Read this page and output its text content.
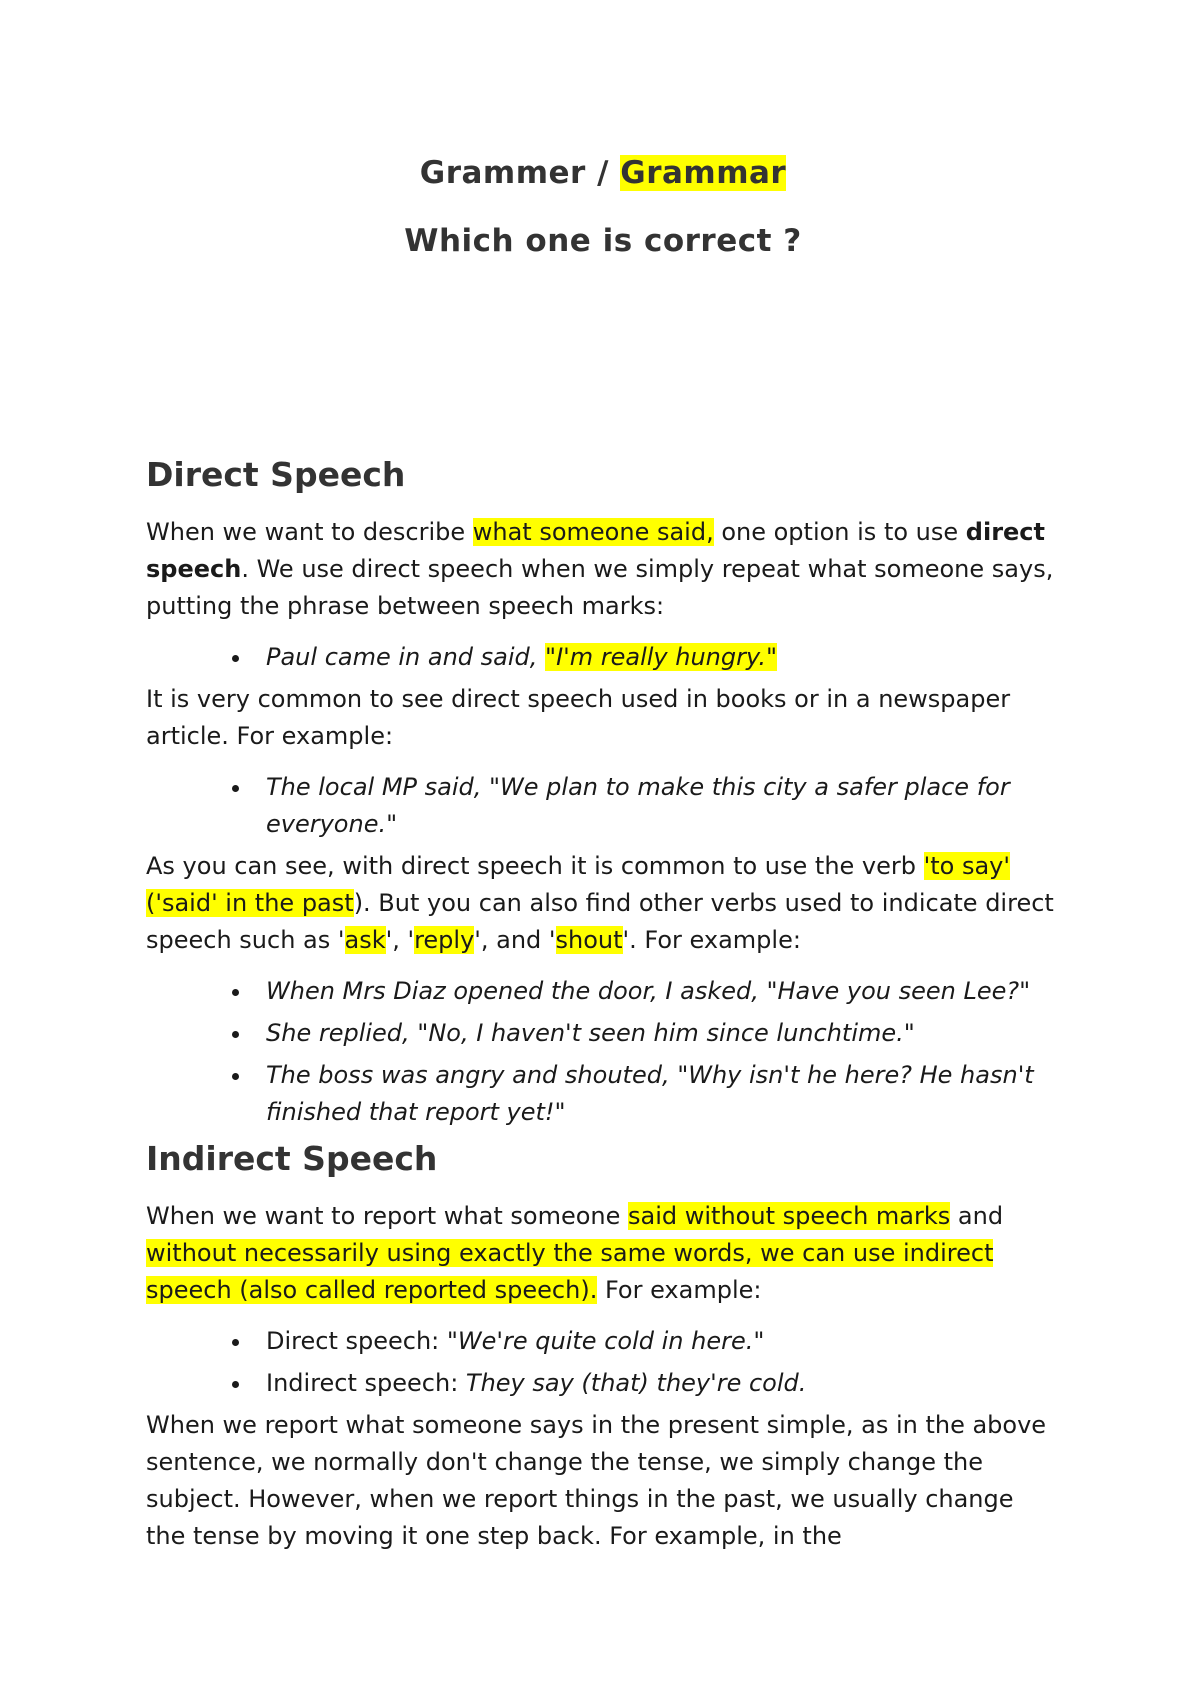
Grammer / Grammar
Which one is correct ?
Direct Speech

When we want to describe what someone said, one option is to use direct speech. We use direct speech when we simply repeat what someone says, putting the phrase between speech marks:

Paul came in and said, "I'm really hungry."

It is very common to see direct speech used in books or in a newspaper article. For example:

The local MP said, "We plan to make this city a safer place for everyone."

As you can see, with direct speech it is common to use the verb 'to say' ('said' in the past). But you can also find other verbs used to indicate direct speech such as 'ask', 'reply', and 'shout'. For example:

When Mrs Diaz opened the door, I asked, "Have you seen Lee?"
She replied, "No, I haven't seen him since lunchtime."
The boss was angry and shouted, "Why isn't he here? He hasn't finished that report yet!"
Indirect Speech

When we want to report what someone said without speech marks and without necessarily using exactly the same words, we can use indirect speech (also called reported speech). For example:

Direct speech: "We're quite cold in here."
Indirect speech: They say (that) they're cold.

When we report what someone says in the present simple, as in the above sentence, we normally don't change the tense, we simply change the subject. However, when we report things in the past, we usually change the tense by moving it one step back. For example, in the
